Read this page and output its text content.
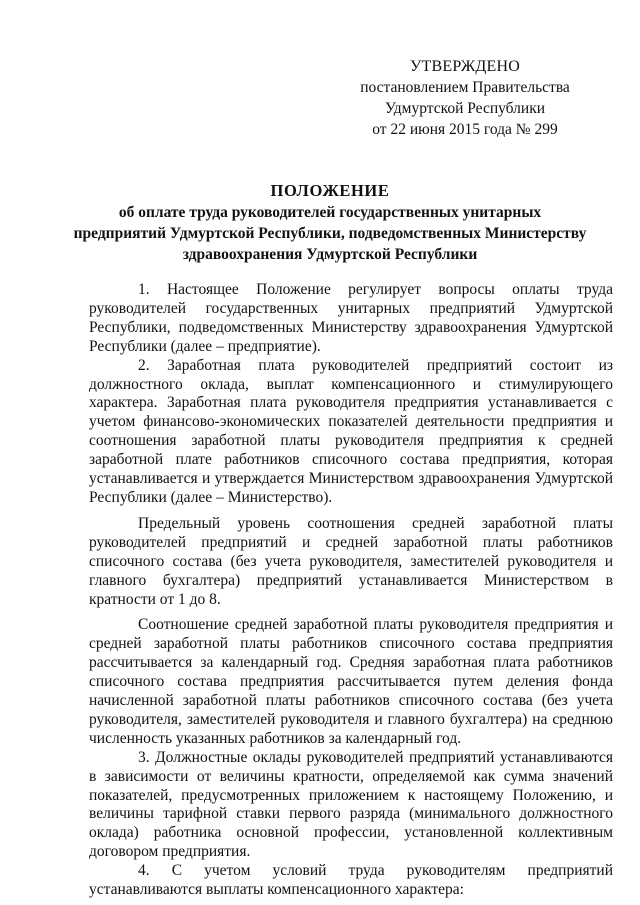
УТВЕРЖДЕНО
постановлением Правительства
Удмуртской Республики
от 22 июня 2015 года № 299
ПОЛОЖЕНИЕ
об оплате труда руководителей государственных унитарных
предприятий Удмуртской Республики, подведомственных Министерству
здравоохранения Удмуртской Республики

1. Настоящее Положение регулирует вопросы оплаты труда руководителей государственных унитарных предприятий Удмуртской Республики, подведомственных Министерству здравоохранения Удмуртской Республики (далее – предприятие).

2. Заработная плата руководителей предприятий состоит из должностного оклада, выплат компенсационного и стимулирующего характера. Заработная плата руководителя предприятия устанавливается с учетом финансово-экономических показателей деятельности предприятия и соотношения заработной платы руководителя предприятия к средней заработной плате работников списочного состава предприятия, которая устанавливается и утверждается Министерством здравоохранения Удмуртской Республики (далее – Министерство).

Предельный уровень соотношения средней заработной платы руководителей предприятий и средней заработной платы работников списочного состава (без учета руководителя, заместителей руководителя и главного бухгалтера) предприятий устанавливается Министерством в кратности от 1 до 8.

Соотношение средней заработной платы руководителя предприятия и средней заработной платы работников списочного состава предприятия рассчитывается за календарный год. Средняя заработная плата работников списочного состава предприятия рассчитывается путем деления фонда начисленной заработной платы работников списочного состава (без учета руководителя, заместителей руководителя и главного бухгалтера) на среднюю численность указанных работников за календарный год.

3. Должностные оклады руководителей предприятий устанавливаются в зависимости от величины кратности, определяемой как сумма значений показателей, предусмотренных приложением к настоящему Положению, и величины тарифной ставки первого разряда (минимального должностного оклада) работника основной профессии, установленной коллективным договором предприятия.

4. С учетом условий труда руководителям предприятий устанавливаются выплаты компенсационного характера:
